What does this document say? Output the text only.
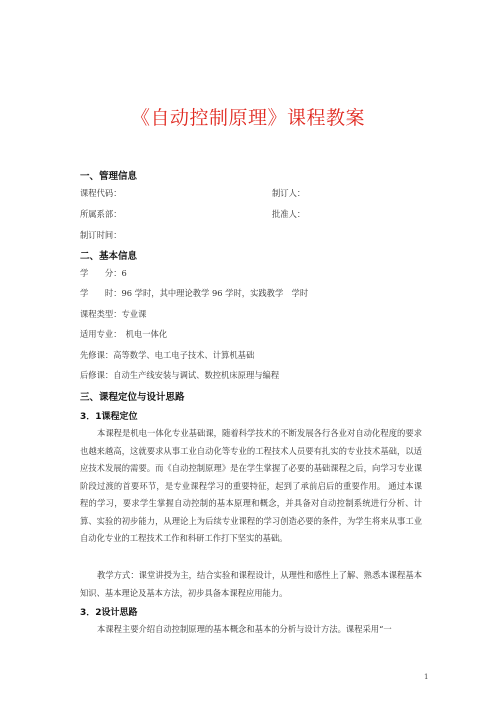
《自动控制原理》课程教案
一、管理信息
课程代码：	制订人：
所属系部：	批准人：
制订时间：
二、基本信息
学　　分：6
学　　时：96 学时，其中理论教学 96 学时，实践教学　学时
课程类型：专业课
适用专业：　机电一体化
先修课：高等数学、电工电子技术、计算机基础
后修课：自动生产线安装与调试、数控机床原理与编程
三、课程定位与设计思路
3．1课程定位
本课程是机电一体化专业基础课，随着科学技术的不断发展各行各业对自动化程度的要求也越来越高，这就要求从事工业自动化等专业的工程技术人员要有扎实的专业技术基础，以适应技术发展的需要。而《自动控制原理》是在学生掌握了必要的基础课程之后，向学习专业课阶段过渡的首要环节，是专业课程学习的重要特征，起到了承前启后的重要作用。 通过本课程的学习，要求学生掌握自动控制的基本原理和概念，并具备对自动控制系统进行分析、计算、实验的初步能力，从理论上为后续专业课程的学习创造必要的条件，为学生将来从事工业自动化专业的工程技术工作和科研工作打下坚实的基础。
教学方式：课堂讲授为主，结合实验和课程设计，从理性和感性上了解、熟悉本课程基本知识、基本理论及基本方法，初步具备本课程应用能力。
3．2设计思路
本课程主要介绍自动控制原理的基本概念和基本的分析与设计方法。课程采用“一
1
